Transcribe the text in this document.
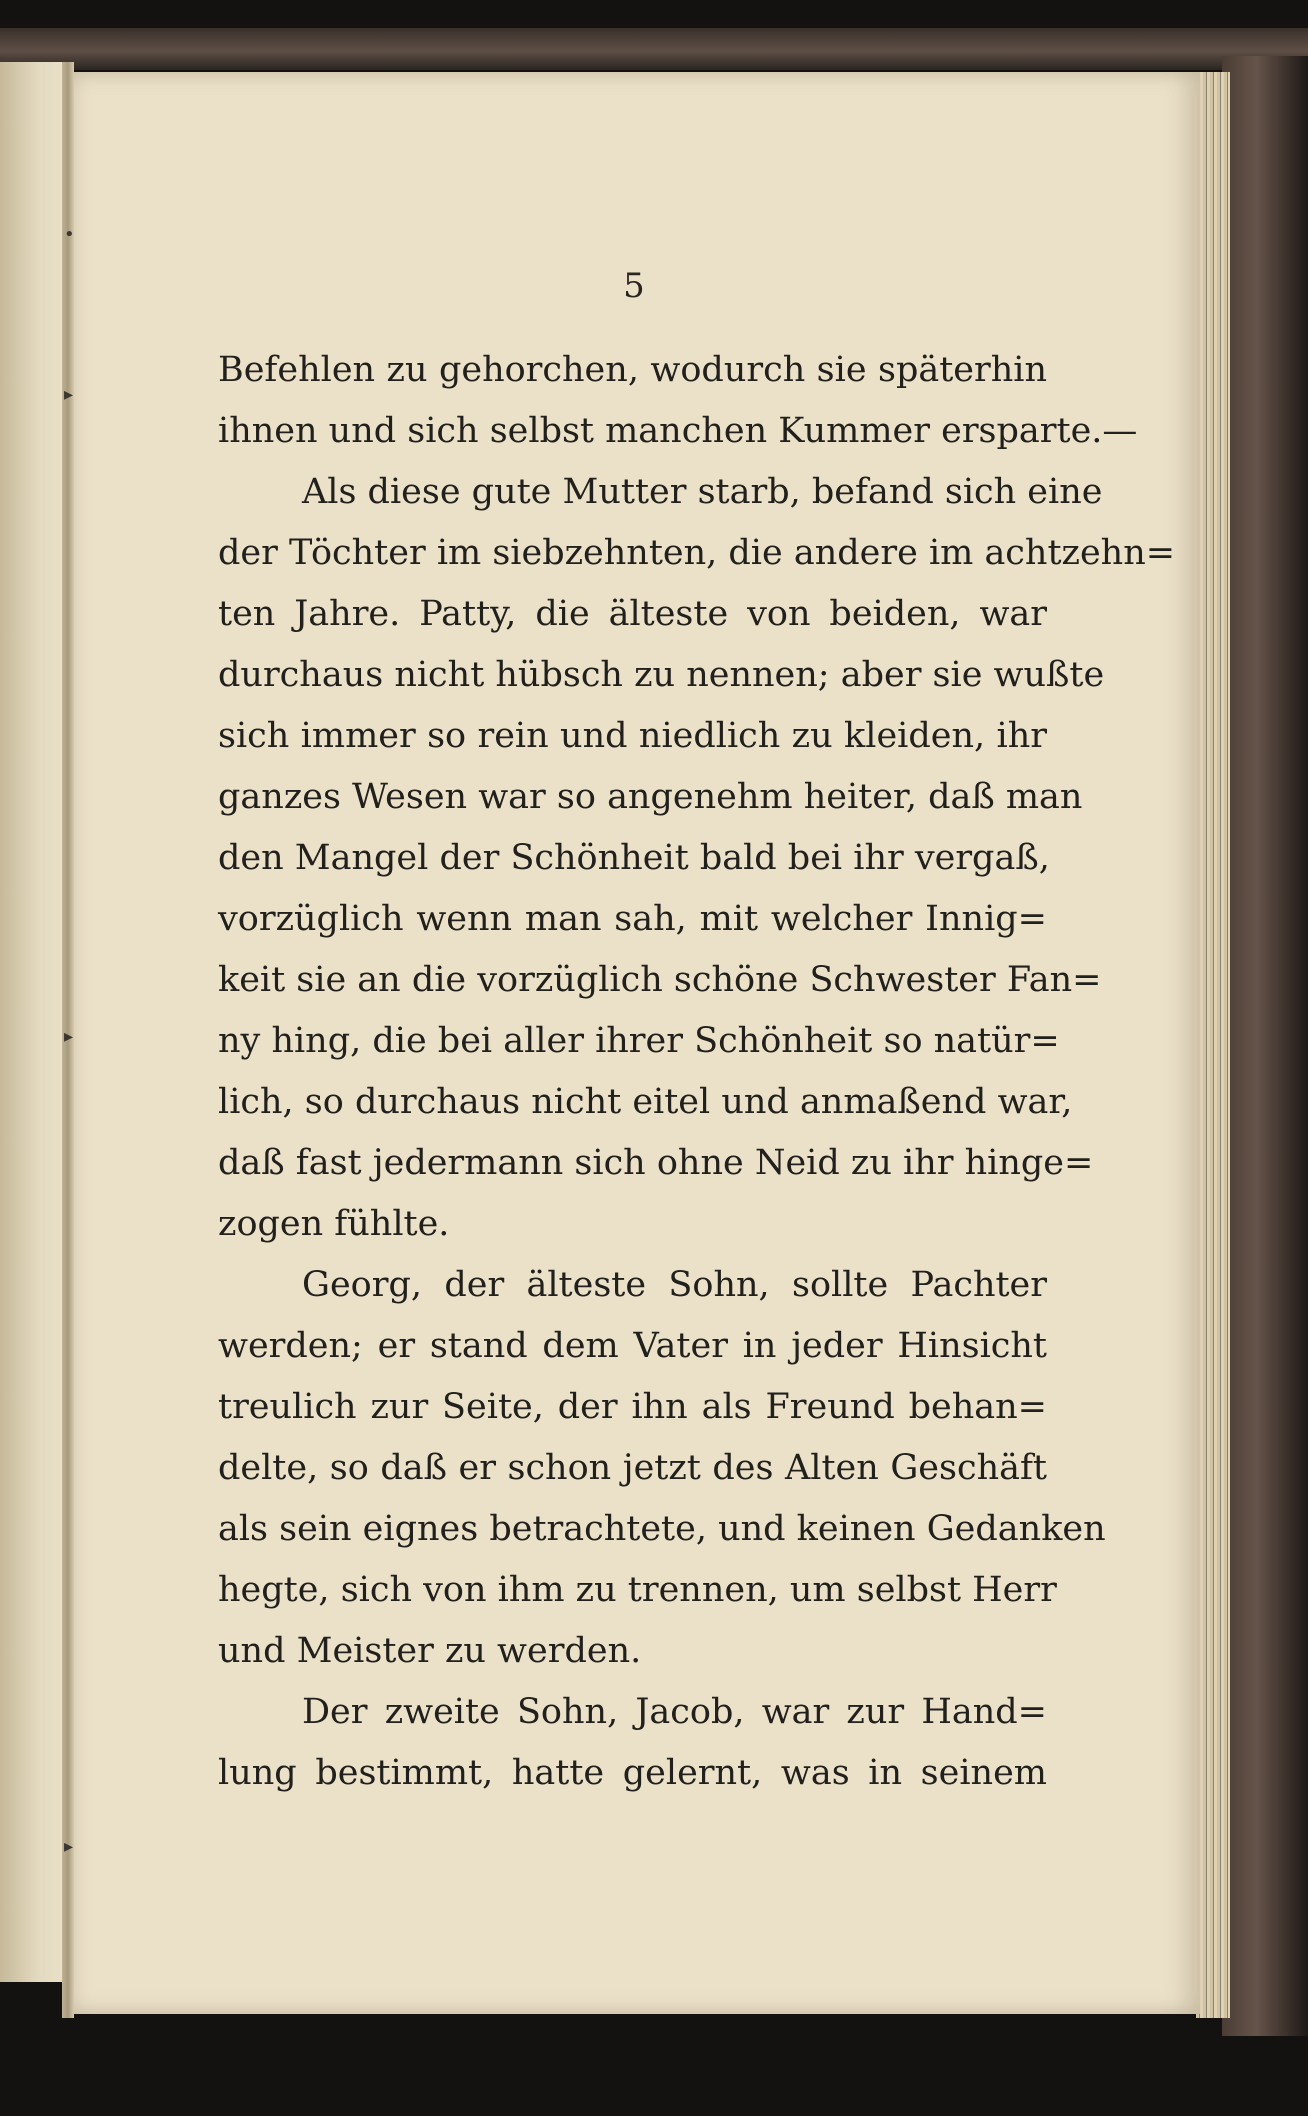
•
▸
▸
▸
5
Befehlen zu gehorchen, wodurch sie späterhin
ihnen und sich selbst manchen Kummer ersparte.—
Als diese gute Mutter starb, befand sich eine
der Töchter im siebzehnten, die andere im achtzehn=
ten Jahre. Patty, die älteste von beiden, war
durchaus nicht hübsch zu nennen; aber sie wußte
sich immer so rein und niedlich zu kleiden, ihr
ganzes Wesen war so angenehm heiter, daß man
den Mangel der Schönheit bald bei ihr vergaß,
vorzüglich wenn man sah, mit welcher Innig=
keit sie an die vorzüglich schöne Schwester Fan=
ny hing, die bei aller ihrer Schönheit so natür=
lich, so durchaus nicht eitel und anmaßend war,
daß fast jedermann sich ohne Neid zu ihr hinge=
zogen fühlte.
Georg, der älteste Sohn, sollte Pachter
werden; er stand dem Vater in jeder Hinsicht
treulich zur Seite, der ihn als Freund behan=
delte, so daß er schon jetzt des Alten Geschäft
als sein eignes betrachtete, und keinen Gedanken
hegte, sich von ihm zu trennen, um selbst Herr
und Meister zu werden.
Der zweite Sohn, Jacob, war zur Hand=
lung bestimmt, hatte gelernt, was in seinem
